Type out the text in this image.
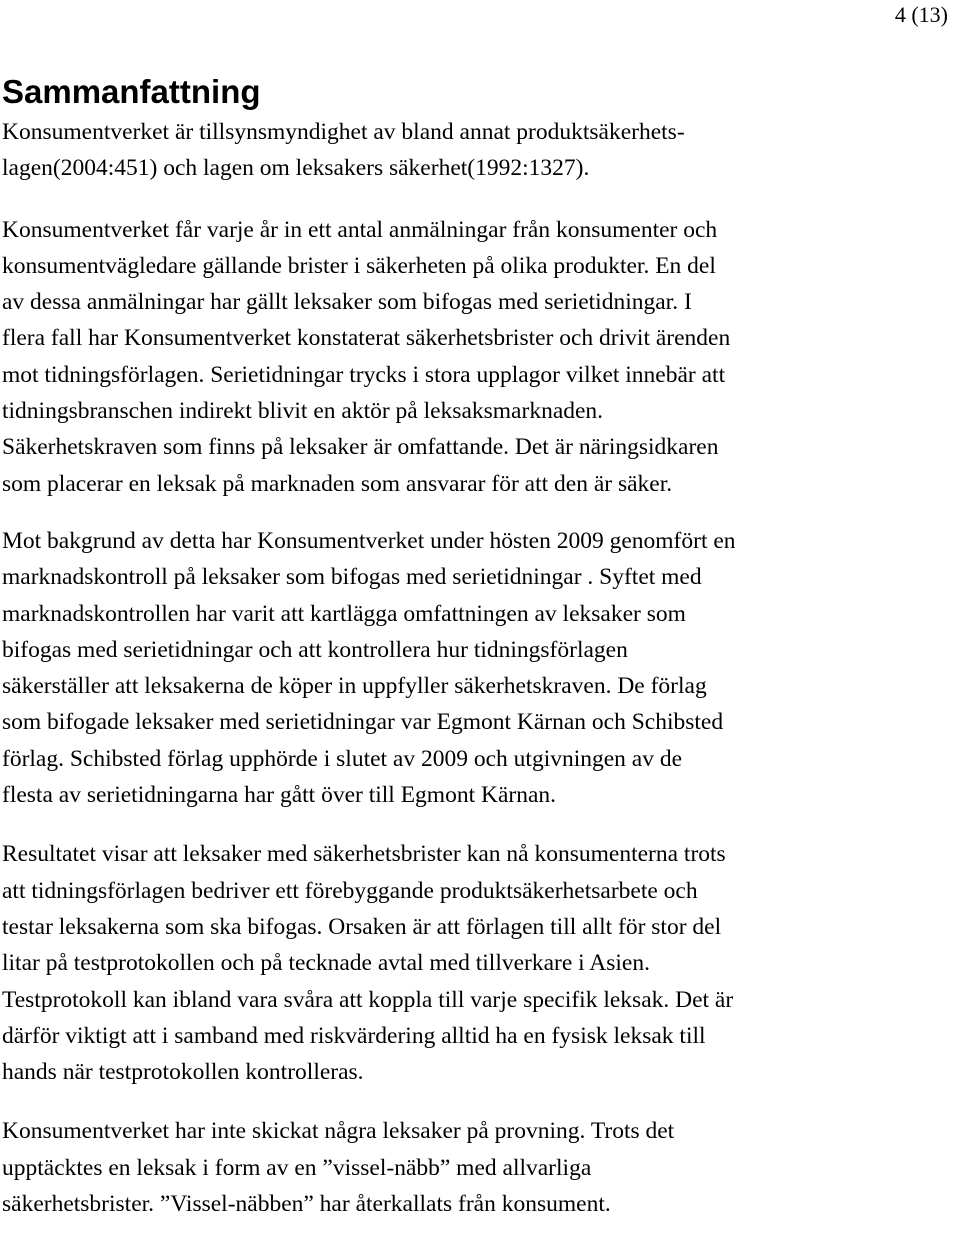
4 (13)
Sammanfattning

Konsumentverket är tillsynsmyndighet av bland annat produktsäkerhets-
lagen(2004:451) och lagen om leksakers säkerhet(1992:1327).

Konsumentverket får varje år in ett antal anmälningar från konsumenter och
konsumentvägledare gällande brister i säkerheten på olika produkter. En del
av dessa anmälningar har gällt leksaker som bifogas med serietidningar. I
flera fall har Konsumentverket konstaterat säkerhetsbrister och drivit ärenden
mot tidningsförlagen. Serietidningar trycks i stora upplagor vilket innebär att
tidningsbranschen indirekt blivit en aktör på leksaksmarknaden.
Säkerhetskraven som finns på leksaker är omfattande. Det är näringsidkaren
som placerar en leksak på marknaden som ansvarar för att den är säker.

Mot bakgrund av detta har Konsumentverket under hösten 2009 genomfört en
marknadskontroll på leksaker som bifogas med serietidningar . Syftet med
marknadskontrollen har varit att kartlägga omfattningen av leksaker som
bifogas med serietidningar och att kontrollera hur tidningsförlagen
säkerställer att leksakerna de köper in uppfyller säkerhetskraven. De förlag
som bifogade leksaker med serietidningar var Egmont Kärnan och Schibsted
förlag. Schibsted förlag upphörde i slutet av 2009 och utgivningen av de
flesta av serietidningarna har gått över till Egmont Kärnan.

Resultatet visar att leksaker med säkerhetsbrister kan nå konsumenterna trots
att tidningsförlagen bedriver ett förebyggande produktsäkerhetsarbete och
testar leksakerna som ska bifogas. Orsaken är att förlagen till allt för stor del
litar på testprotokollen och på tecknade avtal med tillverkare i Asien.
Testprotokoll kan ibland vara svåra att koppla till varje specifik leksak. Det är
därför viktigt att i samband med riskvärdering alltid ha en fysisk leksak till
hands när testprotokollen kontrolleras.

Konsumentverket har inte skickat några leksaker på provning. Trots det
upptäcktes en leksak i form av en ”vissel-näbb” med allvarliga
säkerhetsbrister. ”Vissel-näbben” har återkallats från konsument.
